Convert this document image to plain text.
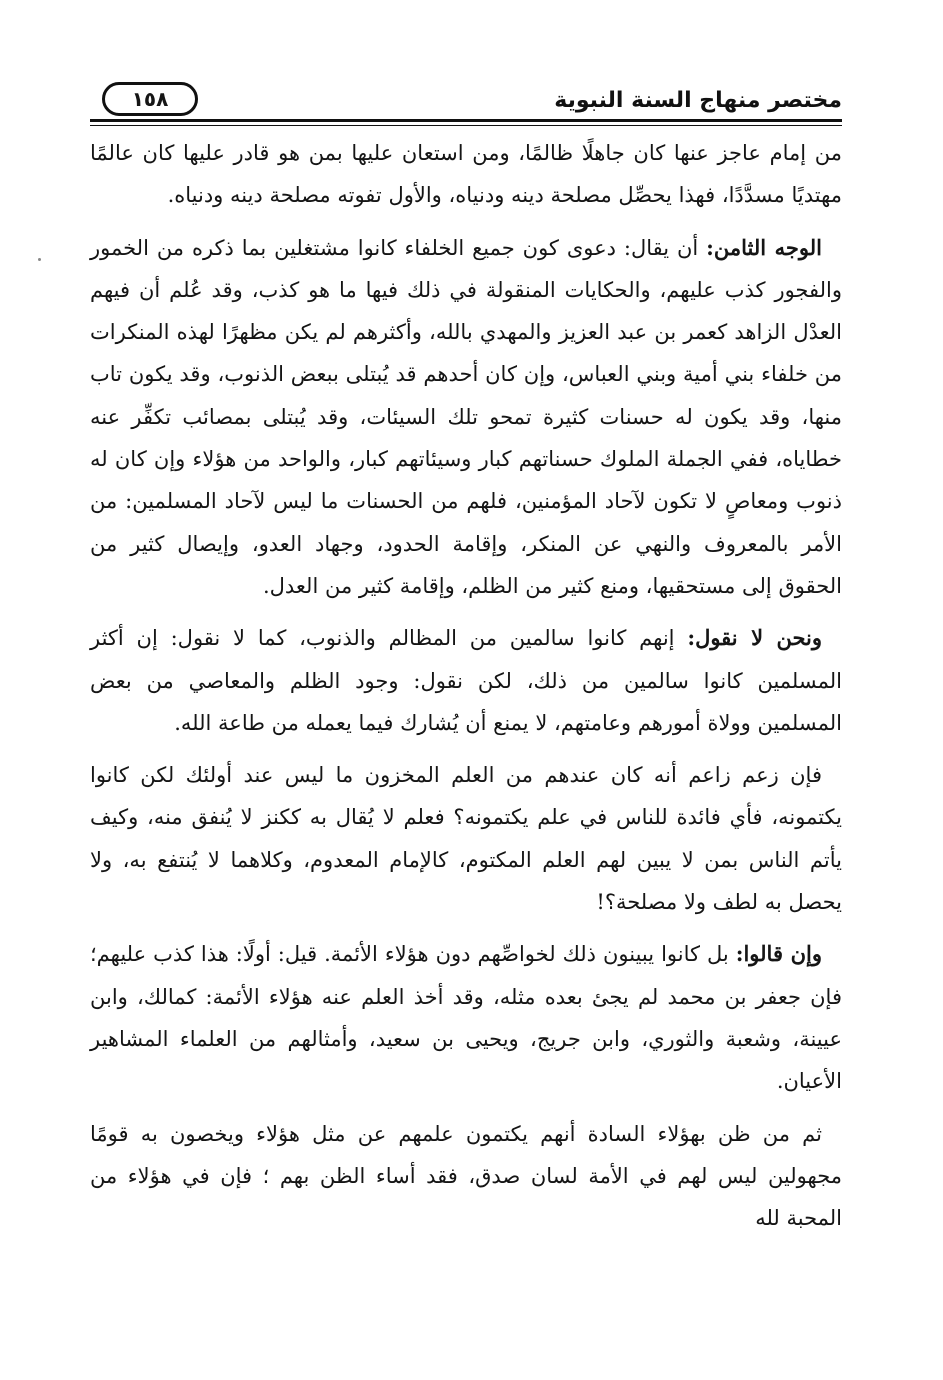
مختصر منهاج السنة النبوية
١٥٨

من إمام عاجز عنها كان جاهلًا ظالمًا، ومن استعان عليها بمن هو قادر عليها كان عالمًا مهتديًا مسدَّدًا، فهذا يحصِّل مصلحة دينه ودنياه، والأول تفوته مصلحة دينه ودنياه.

الوجه الثامن: أن يقال: دعوى كون جميع الخلفاء كانوا مشتغلين بما ذكره من الخمور والفجور كذب عليهم، والحكايات المنقولة في ذلك فيها ما هو كذب، وقد عُلم أن فيهم العدْل الزاهد كعمر بن عبد العزيز والمهدي بالله، وأكثرهم لم يكن مظهرًا لهذه المنكرات من خلفاء بني أمية وبني العباس، وإن كان أحدهم قد يُبتلى ببعض الذنوب، وقد يكون تاب منها، وقد يكون له حسنات كثيرة تمحو تلك السيئات، وقد يُبتلى بمصائب تكفِّر عنه خطاياه، ففي الجملة الملوك حسناتهم كبار وسيئاتهم كبار، والواحد من هؤلاء وإن كان له ذنوب ومعاصٍ لا تكون لآحاد المؤمنين، فلهم من الحسنات ما ليس لآحاد المسلمين: من الأمر بالمعروف والنهي عن المنكر، وإقامة الحدود، وجهاد العدو، وإيصال كثير من الحقوق إلى مستحقيها، ومنع كثير من الظلم، وإقامة كثير من العدل.

ونحن لا نقول: إنهم كانوا سالمين من المظالم والذنوب، كما لا نقول: إن أكثر المسلمين كانوا سالمين من ذلك، لكن نقول: وجود الظلم والمعاصي من بعض المسلمين وولاة أمورهم وعامتهم، لا يمنع أن يُشارك فيما يعمله من طاعة الله.

فإن زعم زاعم أنه كان عندهم من العلم المخزون ما ليس عند أولئك لكن كانوا يكتمونه، فأي فائدة للناس في علم يكتمونه؟ فعلم لا يُقال به ككنز لا يُنفق منه، وكيف يأتم الناس بمن لا يبين لهم العلم المكتوم، كالإمام المعدوم، وكلاهما لا يُنتفع به، ولا يحصل به لطف ولا مصلحة؟!

وإن قالوا: بل كانوا يبينون ذلك لخواصِّهم دون هؤلاء الأئمة. قيل: أولًا: هذا كذب عليهم؛ فإن جعفر بن محمد لم يجئ بعده مثله، وقد أخذ العلم عنه هؤلاء الأئمة: كمالك، وابن عيينة، وشعبة والثوري، وابن جريج، ويحيى بن سعيد، وأمثالهم من العلماء المشاهير الأعيان.

ثم من ظن بهؤلاء السادة أنهم يكتمون علمهم عن مثل هؤلاء ويخصون به قومًا مجهولين ليس لهم في الأمة لسان صدق، فقد أساء الظن بهم ؛ فإن في هؤلاء من المحبة لله
